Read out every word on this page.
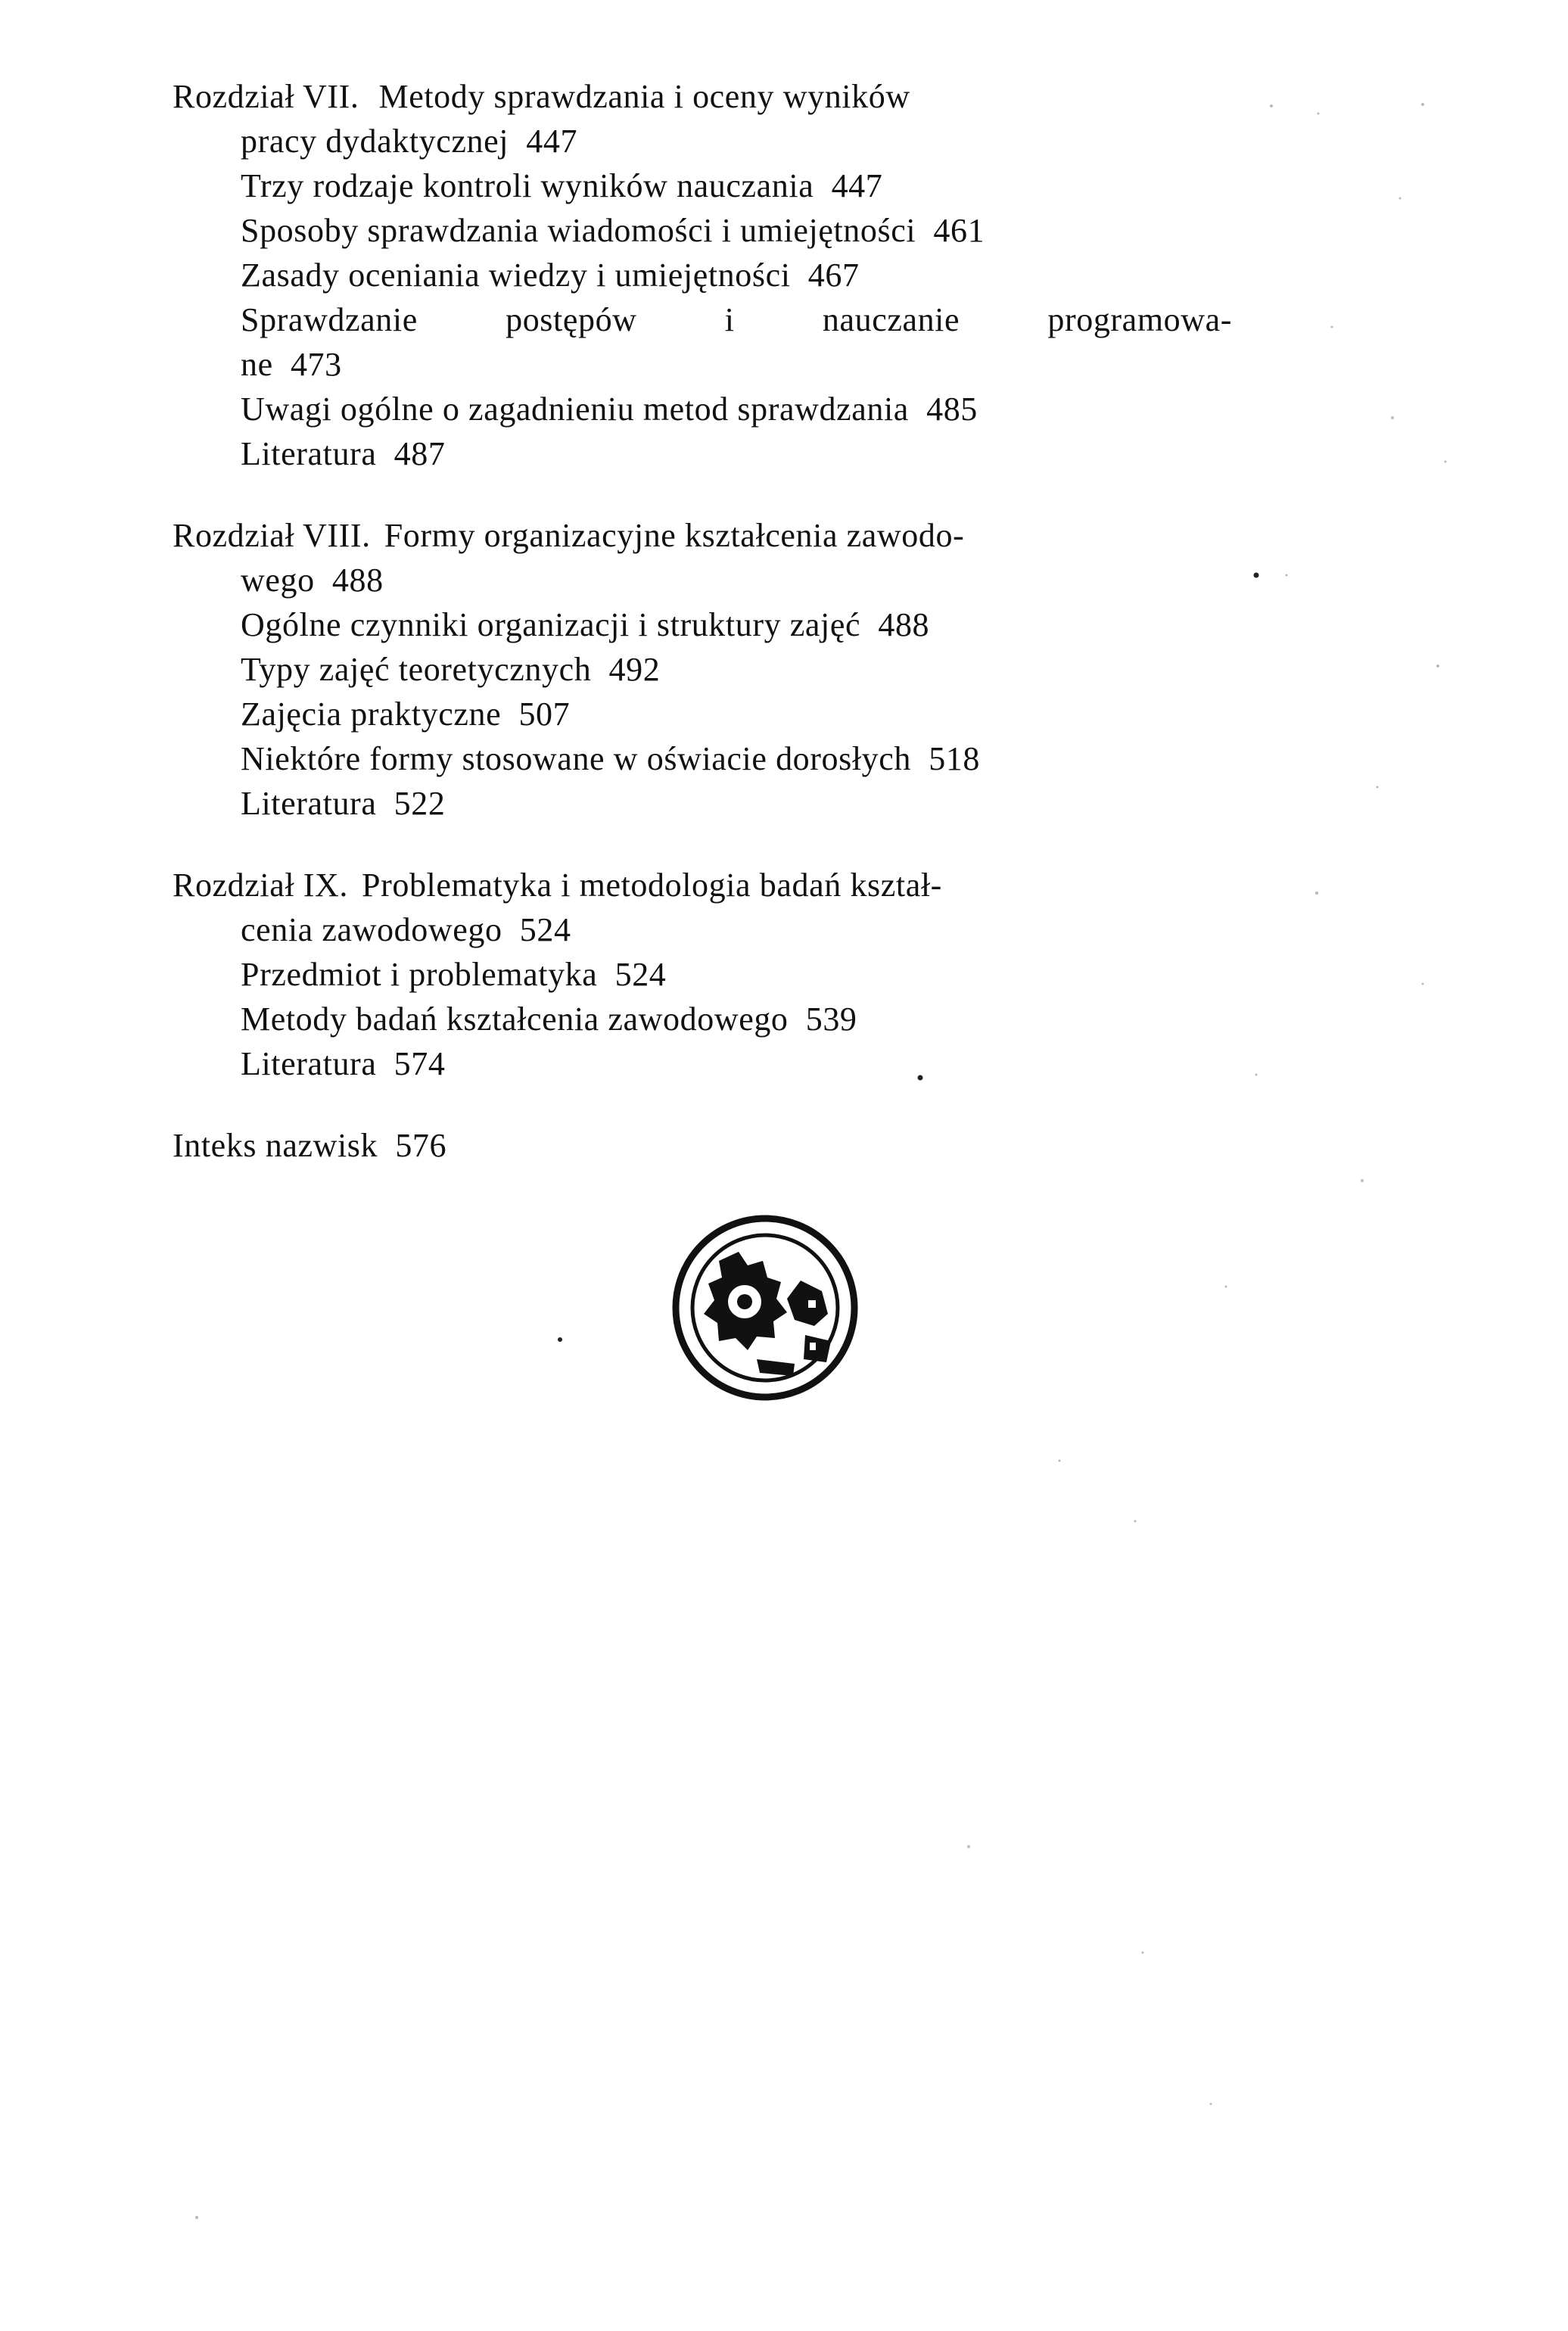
Rozdział VII. Metody sprawdzania i oceny wyników
pracy dydaktycznej 447
Trzy rodzaje kontroli wyników nauczania 447
Sposoby sprawdzania wiadomości i umiejętności 461
Zasady oceniania wiedzy i umiejętności 467
Sprawdzanie postępów i nauczanie programowa-
ne 473
Uwagi ogólne o zagadnieniu metod sprawdzania 485
Literatura 487
Rozdział VIII. Formy organizacyjne kształcenia zawodo-
wego 488
Ogólne czynniki organizacji i struktury zajęć 488
Typy zajęć teoretycznych 492
Zajęcia praktyczne 507
Niektóre formy stosowane w oświacie dorosłych 518
Literatura 522
Rozdział IX. Problematyka i metodologia badań kształ-
cenia zawodowego 524
Przedmiot i problematyka 524
Metody badań kształcenia zawodowego 539
Literatura 574
Inteks nazwisk 576
